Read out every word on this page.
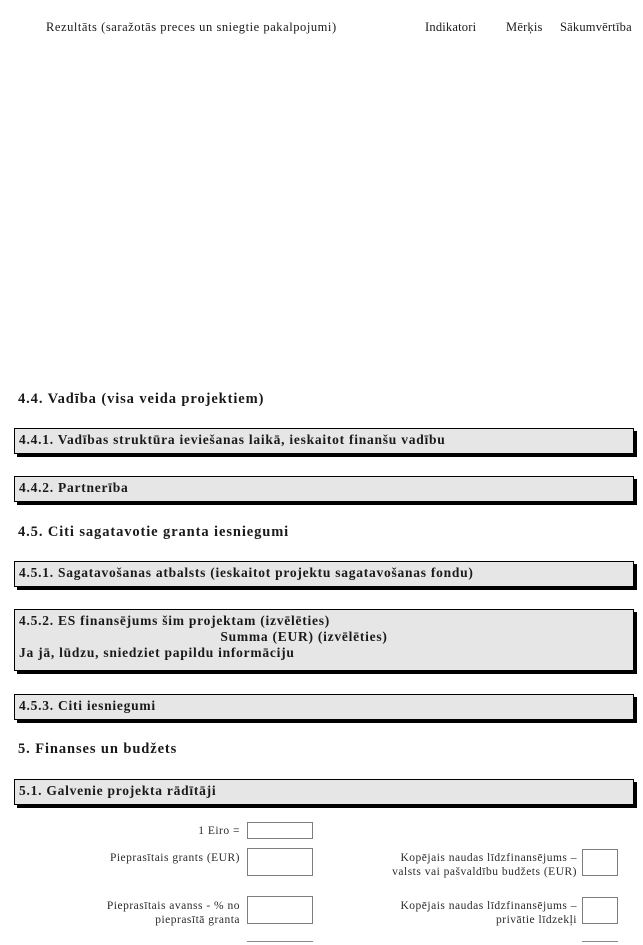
Rezultāts (saražotās preces un sniegtie pakalpojumi)	Indikatori Mērķis Sākumvērtība
4.4. Vadība (visa veida projektiem)
4.4.1. Vadības struktūra ieviešanas laikā, ieskaitot finanšu vadību
4.4.2. Partnerība
4.5. Citi sagatavotie granta iesniegumi
4.5.1. Sagatavošanas atbalsts (ieskaitot projektu sagatavošanas fondu)
4.5.2. ES finansējums šim projektam (izvēlēties)
Summa (EUR) (izvēlēties)
Ja jā, lūdzu, sniedziet papildu informāciju
4.5.3. Citi iesniegumi
5. Finanses un budžets
5.1. Galvenie projekta rādītāji
1 Eiro =
Pieprasītais grants (EUR)	Kopējais naudas līdzfinansējums –
valsts vai pašvaldību budžets (EUR)
Pieprasītais avanss - % no
pieprasītā granta
Kopējais naudas līdzfinansējums –
privātie līdzekļi
